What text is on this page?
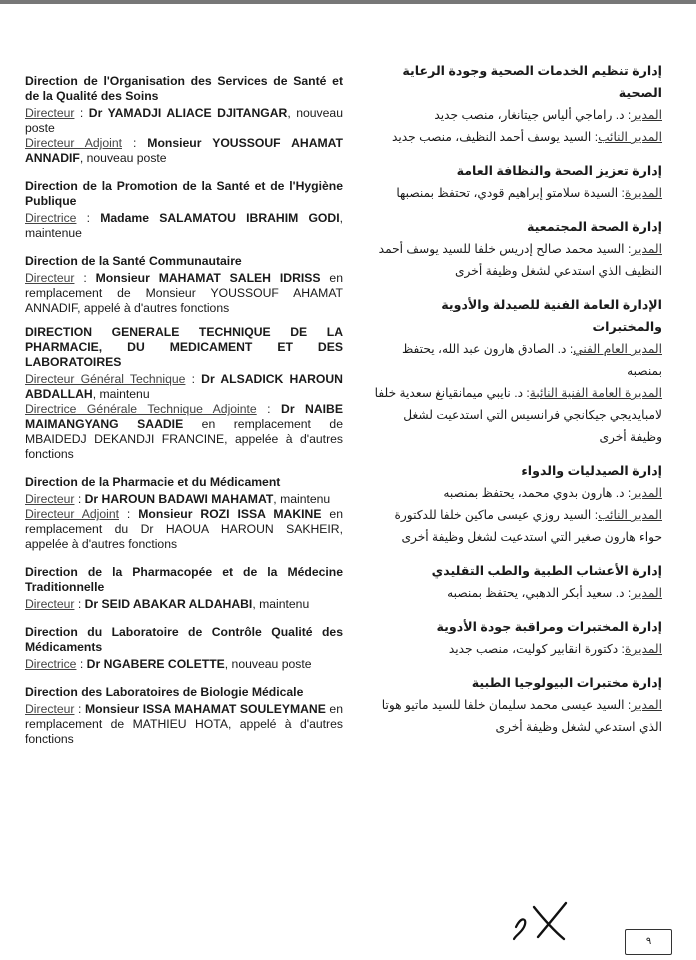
Direction de l'Organisation des Services de Santé et de la Qualité des Soins

Directeur : Dr YAMADJI ALIACE DJITANGAR, nouveau poste

Directeur Adjoint : Monsieur YOUSSOUF AHAMAT ANNADIF, nouveau poste

Direction de la Promotion de la Santé et de l'Hygiène Publique

Directrice : Madame SALAMATOU IBRAHIM GODI, maintenue

Direction de la Santé Communautaire

Directeur : Monsieur MAHAMAT SALEH IDRISS en remplacement de Monsieur YOUSSOUF AHAMAT ANNADIF, appelé à d'autres fonctions

DIRECTION GENERALE TECHNIQUE DE LA PHARMACIE, DU MEDICAMENT ET DES LABORATOIRES

Directeur Général Technique : Dr ALSADICK HAROUN ABDALLAH, maintenu

Directrice Générale Technique Adjointe : Dr NAIBE MAIMANGYANG SAADIE en remplacement de MBAIDEDJ DEKANDJI FRANCINE, appelée à d'autres fonctions

Direction de la Pharmacie et du Médicament

Directeur : Dr HAROUN BADAWI MAHAMAT, maintenu

Directeur Adjoint : Monsieur ROZI ISSA MAKINE en remplacement du Dr HAOUA HAROUN SAKHEIR, appelée à d'autres fonctions

Direction de la Pharmacopée et de la Médecine Traditionnelle

Directeur : Dr SEID ABAKAR ALDAHABI, maintenu

Direction du Laboratoire de Contrôle Qualité des Médicaments

Directrice : Dr NGABERE COLETTE, nouveau poste

Direction des Laboratoires de Biologie Médicale

Directeur : Monsieur ISSA MAHAMAT SOULEYMANE en remplacement de MATHIEU HOTA, appelé à d'autres fonctions

إدارة تنظيم الخدمات الصحية وجودة الرعاية الصحية

المدير: د. راماجي ألياس جيتانغار، منصب جديد

المدير النائب: السيد يوسف أحمد النظيف، منصب جديد

إدارة تعزيز الصحة والنظافة العامة

المديرة: السيدة سلامتو إبراهيم قودي، تحتفظ بمنصبها

إدارة الصحة المجتمعية

المدير: السيد محمد صالح إدريس خلفا للسيد يوسف أحمد النظيف الذي استدعي لشغل وظيفة أخرى

الإدارة العامة الفنية للصيدلة والأدوية والمختبرات

المدير العام الفني: د. الصادق هارون عبد الله، يحتفظ بمنصبه

المديرة العامة الفنية النائبة: د. نايبي ميمانقيانغ سعدية خلفا لامبايديجي جيكانجي فرانسيس التي استدعيت لشغل وظيفة أخرى

إدارة الصيدليات والدواء

المدير: د. هارون بدوي محمد، يحتفظ بمنصبه

المدير النائب: السيد روزي عيسى ماكين خلفا للدكتورة حواء هارون صغير التي استدعيت لشغل وظيفة أخرى

إدارة الأعشاب الطبية والطب التقليدي

المدير: د. سعيد أبكر الدهبي، يحتفظ بمنصبه

إدارة المختبرات ومراقبة جودة الأدوية

المديرة: دكتورة انقابير كوليت، منصب جديد

إدارة مختبرات البيولوجيا الطبية

المدير: السيد عيسى محمد سليمان خلفا للسيد ماتيو هوتا الذي استدعي لشغل وظيفة أخرى

٩
